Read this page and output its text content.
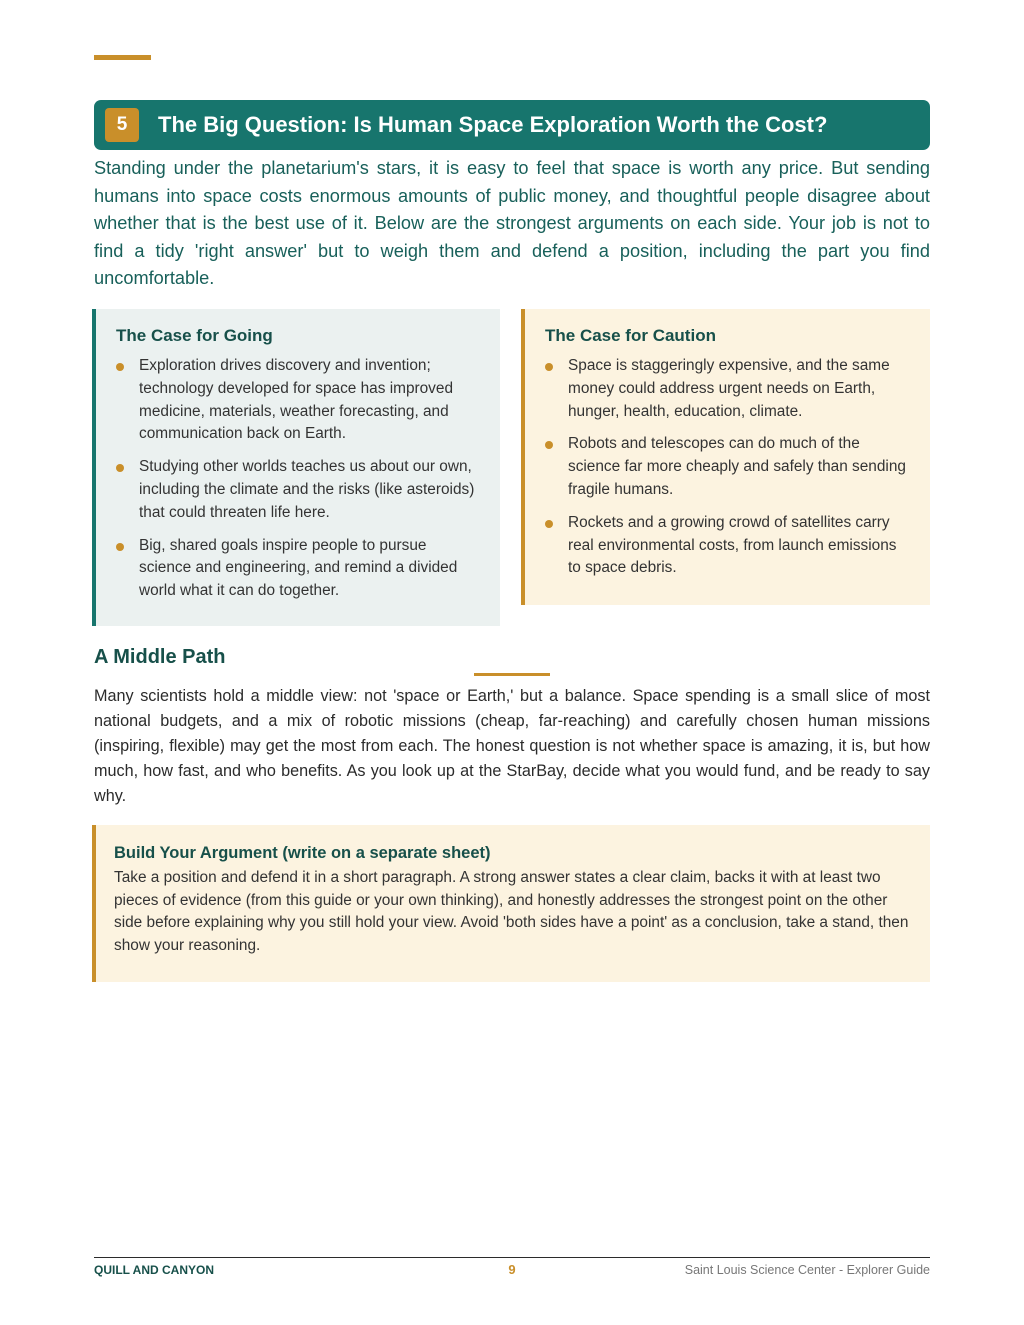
5	The Big Question: Is Human Space Exploration Worth the Cost?

Standing under the planetarium's stars, it is easy to feel that space is worth any price. But sending humans into space costs enormous amounts of public money, and thoughtful people disagree about whether that is the best use of it. Below are the strongest arguments on each side. Your job is not to find a tidy 'right answer' but to weigh them and defend a position, including the part you find uncomfortable.

The Case for Going
Exploration drives discovery and invention; technology developed for space has improved medicine, materials, weather forecasting, and communication back on Earth.
Studying other worlds teaches us about our own, including the climate and the risks (like asteroids) that could threaten life here.
Big, shared goals inspire people to pursue science and engineering, and remind a divided world what it can do together.
The Case for Caution
Space is staggeringly expensive, and the same money could address urgent needs on Earth, hunger, health, education, climate.
Robots and telescopes can do much of the science far more cheaply and safely than sending fragile humans.
Rockets and a growing crowd of satellites carry real environmental costs, from launch emissions to space debris.
A Middle Path

Many scientists hold a middle view: not 'space or Earth,' but a balance. Space spending is a small slice of most national budgets, and a mix of robotic missions (cheap, far-reaching) and carefully chosen human missions (inspiring, flexible) may get the most from each. The honest question is not whether space is amazing, it is, but how much, how fast, and who benefits. As you look up at the StarBay, decide what you would fund, and be ready to say why.

Build Your Argument (write on a separate sheet)

Take a position and defend it in a short paragraph. A strong answer states a clear claim, backs it with at least two pieces of evidence (from this guide or your own thinking), and honestly addresses the strongest point on the other side before explaining why you still hold your view. Avoid 'both sides have a point' as a conclusion, take a stand, then show your reasoning.

QUILL AND CANYON	9	Saint Louis Science Center - Explorer Guide
